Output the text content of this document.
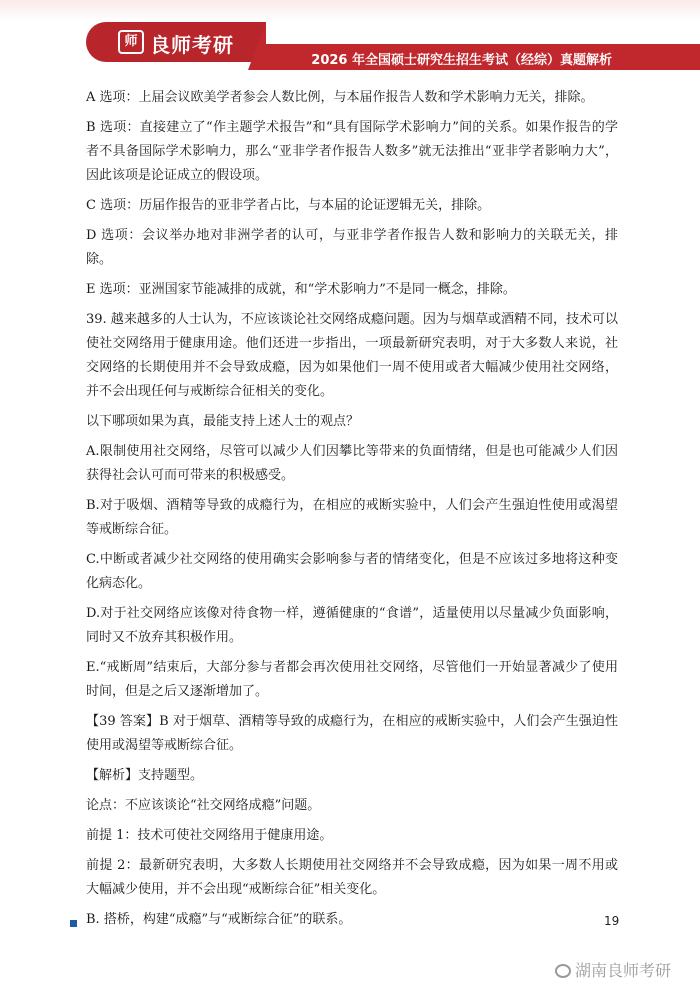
师 良师考研
2026 年全国硕士研究生招生考试（经综）真题解析

A 选项：上届会议欧美学者参会人数比例，与本届作报告人数和学术影响力无关，排除。

B 选项：直接建立了“作主题学术报告”和“具有国际学术影响力”间的关系。如果作报告的学者不具备国际学术影响力，那么“亚非学者作报告人数多”就无法推出“亚非学者影响力大”，因此该项是论证成立的假设项。

C 选项：历届作报告的亚非学者占比，与本届的论证逻辑无关，排除。

D 选项：会议举办地对非洲学者的认可，与亚非学者作报告人数和影响力的关联无关，排除。

E 选项：亚洲国家节能减排的成就，和“学术影响力”不是同一概念，排除。

39. 越来越多的人士认为，不应该谈论社交网络成瘾问题。因为与烟草或酒精不同，技术可以使社交网络用于健康用途。他们还进一步指出，一项最新研究表明，对于大多数人来说，社交网络的长期使用并不会导致成瘾，因为如果他们一周不使用或者大幅减少使用社交网络，并不会出现任何与戒断综合征相关的变化。

以下哪项如果为真，最能支持上述人士的观点？

A.限制使用社交网络，尽管可以减少人们因攀比等带来的负面情绪，但是也可能减少人们因获得社会认可而可带来的积极感受。

B.对于吸烟、酒精等导致的成瘾行为，在相应的戒断实验中，人们会产生强迫性使用或渴望等戒断综合征。

C.中断或者减少社交网络的使用确实会影响参与者的情绪变化，但是不应该过多地将这种变化病态化。

D.对于社交网络应该像对待食物一样，遵循健康的“食谱”，适量使用以尽量减少负面影响，同时又不放弃其积极作用。

E.“戒断周”结束后，大部分参与者都会再次使用社交网络，尽管他们一开始显著减少了使用时间，但是之后又逐渐增加了。

【39 答案】B 对于烟草、酒精等导致的成瘾行为，在相应的戒断实验中，人们会产生强迫性使用或渴望等戒断综合征。

【解析】支持题型。

论点：不应该谈论“社交网络成瘾”问题。

前提 1：技术可使社交网络用于健康用途。

前提 2：最新研究表明，大多数人长期使用社交网络并不会导致成瘾，因为如果一周不用或大幅减少使用，并不会出现“戒断综合征”相关变化。

B. 搭桥，构建“成瘾”与“戒断综合征”的联系。	19
湖南良师考研
